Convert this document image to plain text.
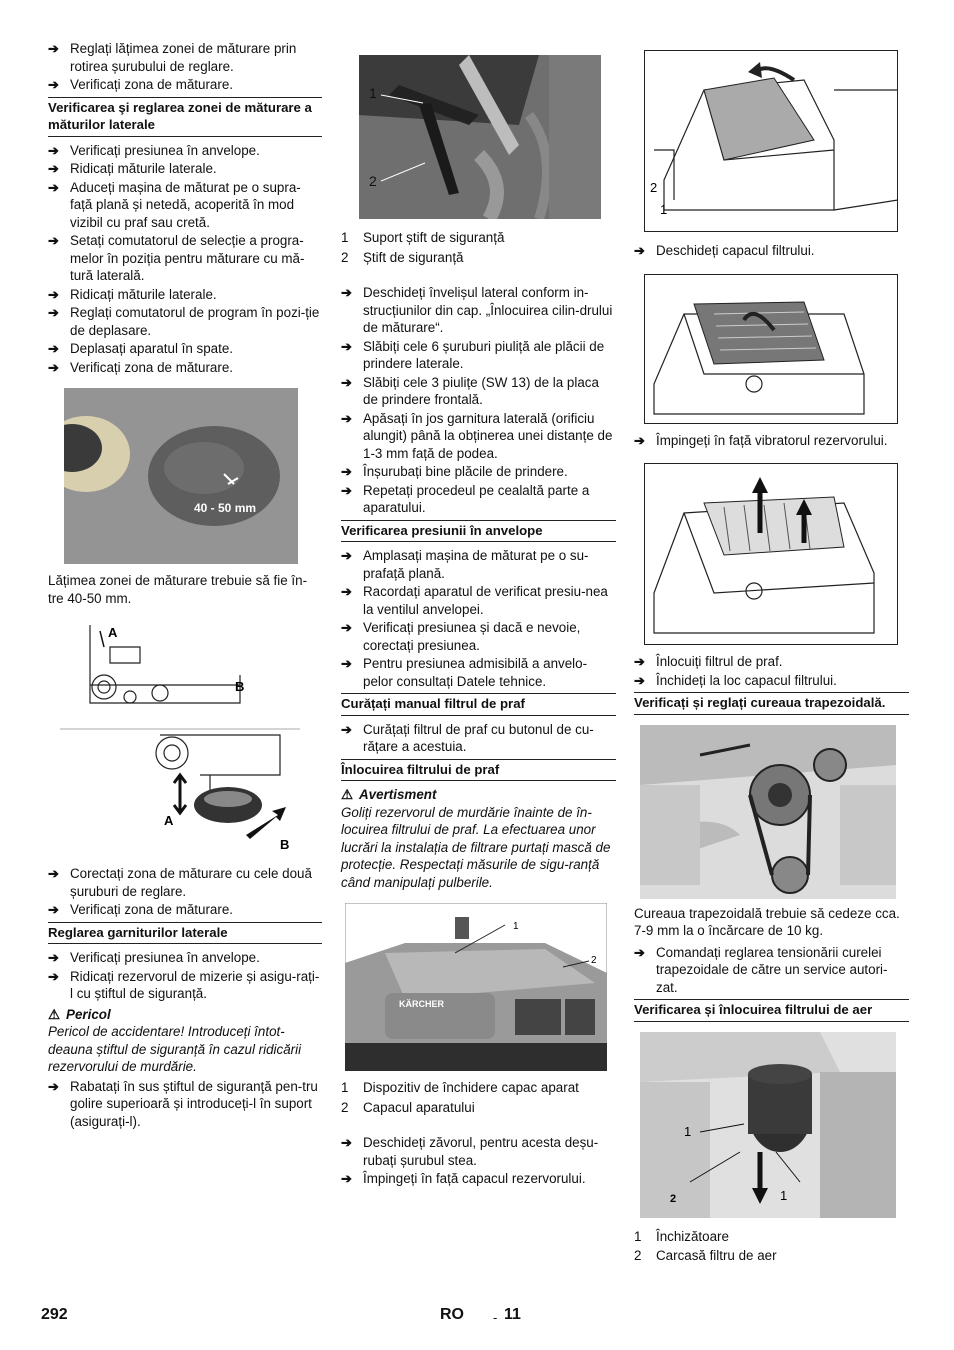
➔ Reglați lățimea zonei de măturare prin rotirea șurubului de reglare.
➔ Verificați zona de măturare.
Verificarea şi reglarea zonei de măturare a măturilor laterale
➔ Verificați presiunea în anvelope.
➔ Ridicați măturile laterale.
➔ Aduceți mașina de măturat pe o supra-față plană și netedă, acoperită în mod vizibil cu praf sau cretă.
➔ Setați comutatorul de selecție a progra-melor în poziția pentru măturare cu mă-tură laterală.
➔ Ridicați măturile laterale.
➔ Reglați comutatorul de program în pozi-ție de deplasare.
➔ Deplasați aparatul în spate.
➔ Verificați zona de măturare.
40 - 50 mm
Lățimea zonei de măturare trebuie să fie în-tre 40-50 mm.
A
B
A
B
➔ Corectați zona de măturare cu cele două șuruburi de reglare.
➔ Verificați zona de măturare.
Reglarea garniturilor laterale
➔ Verificați presiunea în anvelope.
➔ Ridicați rezervorul de mizerie și asigu-rați-l cu știftul de siguranță.
⚠ Pericol
Pericol de accidentare! Introduceți întot-deauna știftul de siguranță în cazul ridicării rezervorului de murdărie.
➔ Rabatați în sus știftul de siguranță pen-tru golire superioară și introduceți-l în suport (asigurați-l).
1
2
1 Suport știft de siguranță
2 Știft de siguranță
➔ Deschideți învelișul lateral conform in-strucțiunilor din cap. „Înlocuirea cilin-drului de măturare“.
➔ Slăbiți cele 6 șuruburi piuliță ale plăcii de prindere laterale.
➔ Slăbiți cele 3 piulițe (SW 13) de la placa de prindere frontală.
➔ Apăsați în jos garnitura laterală (orificiu alungit) până la obținerea unei distanțe de 1-3 mm față de podea.
➔ Înșurubați bine plăcile de prindere.
➔ Repetați procedeul pe cealaltă parte a aparatului.
Verificarea presiunii în anvelope
➔ Amplasați mașina de măturat pe o su-prafață plană.
➔ Racordați aparatul de verificat presiu-nea la ventilul anvelopei.
➔ Verificați presiunea și dacă e nevoie, corectați presiunea.
➔ Pentru presiunea admisibilă a anvelo-pelor consultați Datele tehnice.
Curățați manual filtrul de praf
➔ Curățați filtrul de praf cu butonul de cu-rățare a acestuia.
Înlocuirea filtrului de praf
⚠ Avertisment
Goliți rezervorul de murdărie înainte de în-locuirea filtrului de praf. La efectuarea unor lucrări la instalația de filtrare purtați mască de protecție. Respectați măsurile de sigu-ranță când manipulați pulberile.
KÄRCHER
1
2
1 Dispozitiv de închidere capac aparat
2 Capacul aparatului
➔ Deschideți zăvorul, pentru acesta deșu-rubați șurubul stea.
➔ Împingeți în față capacul rezervorului.
2
1
➔ Deschideți capacul filtrului.
➔ Împingeți în față vibratorul rezervorului.
➔ Înlocuiți filtrul de praf.
➔ Închideți la loc capacul filtrului.
Verificați și reglați cureaua trapezoidală.
Cureaua trapezoidală trebuie să cedeze cca. 7-9 mm la o încărcare de 10 kg.
➔ Comandați reglarea tensionării curelei trapezoidale de către un service autori-zat.
Verificarea și înlocuirea filtrului de aer
1
2	1
1 Închizătoare
2 Carcasă filtru de aer
292	RO - 11
